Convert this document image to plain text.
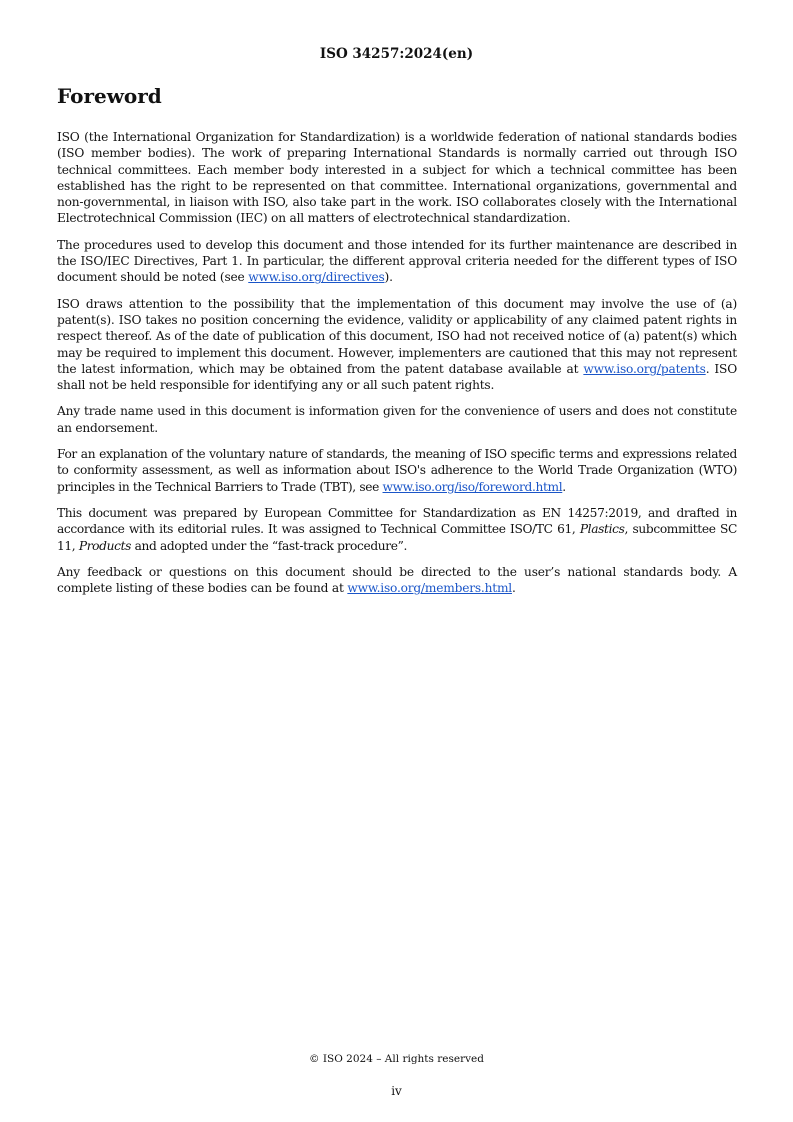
ISO 34257:2024(en)
Foreword

ISO (the International Organization for Standardization) is a worldwide federation of national standards bodies (ISO member bodies). The work of preparing International Standards is normally carried out through ISO technical committees. Each member body interested in a subject for which a technical committee has been established has the right to be represented on that committee. International organizations, governmental and non-governmental, in liaison with ISO, also take part in the work. ISO collaborates closely with the International Electrotechnical Commission (IEC) on all matters of electrotechnical standardization.

The procedures used to develop this document and those intended for its further maintenance are described in the ISO/IEC Directives, Part 1. In particular, the different approval criteria needed for the different types of ISO document should be noted (see www.iso.org/directives).

ISO draws attention to the possibility that the implementation of this document may involve the use of (a) patent(s). ISO takes no position concerning the evidence, validity or applicability of any claimed patent rights in respect thereof. As of the date of publication of this document, ISO had not received notice of (a) patent(s) which may be required to implement this document. However, implementers are cautioned that this may not represent the latest information, which may be obtained from the patent database available at www.iso.org/patents. ISO shall not be held responsible for identifying any or all such patent rights.

Any trade name used in this document is information given for the convenience of users and does not constitute an endorsement.

For an explanation of the voluntary nature of standards, the meaning of ISO specific terms and expressions related to conformity assessment, as well as information about ISO's adherence to the World Trade Organization (WTO) principles in the Technical Barriers to Trade (TBT), see www.iso.org/iso/foreword.html.

This document was prepared by European Committee for Standardization as EN 14257:2019, and drafted in accordance with its editorial rules. It was assigned to Technical Committee ISO/TC 61, Plastics, subcommittee SC 11, Products and adopted under the “fast-track procedure”.

Any feedback or questions on this document should be directed to the user’s national standards body. A complete listing of these bodies can be found at www.iso.org/members.html.

© ISO 2024 – All rights reserved
iv
